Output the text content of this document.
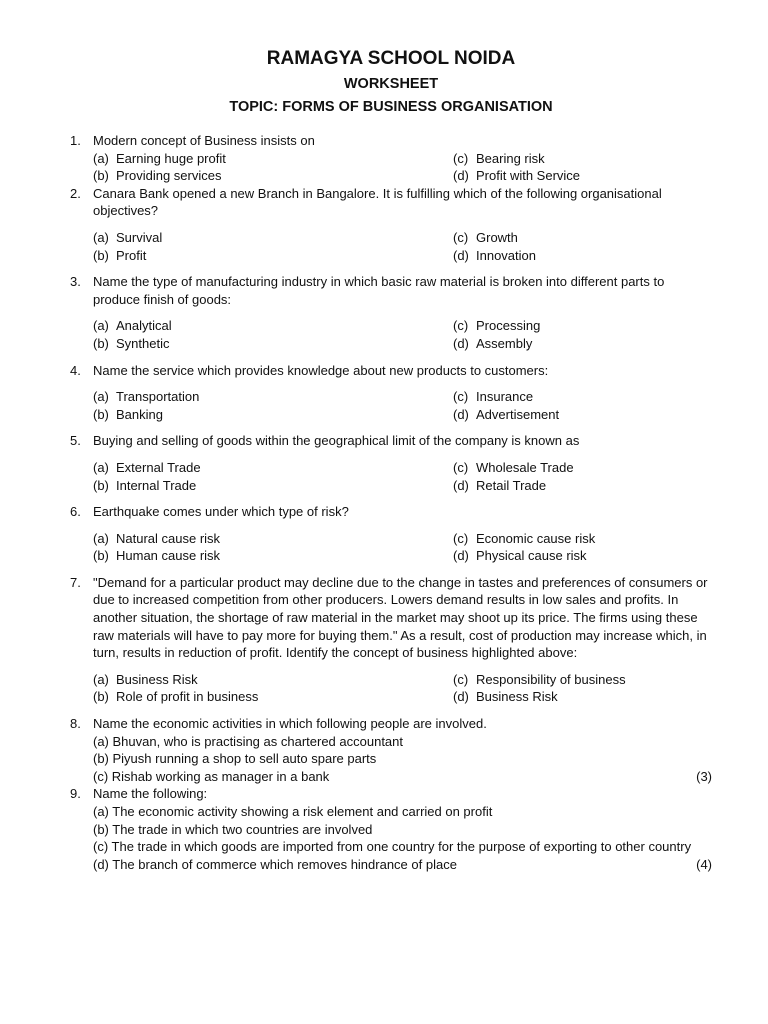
RAMAGYA SCHOOL NOIDA
WORKSHEET
TOPIC: FORMS OF BUSINESS ORGANISATION
1. Modern concept of Business insists on
(a) Earning huge profit	(c) Bearing risk
(b) Providing services	(d) Profit with Service
2. Canara Bank opened a new Branch in Bangalore. It is fulfilling which of the following organisational objectives?
(a) Survival	(c) Growth
(b) Profit	(d) Innovation
3. Name the type of manufacturing industry in which basic raw material is broken into different parts to produce finish of goods:
(a) Analytical	(c) Processing
(b) Synthetic	(d) Assembly
4. Name the service which provides knowledge about new products to customers:
(a) Transportation	(c) Insurance
(b) Banking	(d) Advertisement
5. Buying and selling of goods within the geographical limit of the company is known as
(a) External Trade	(c) Wholesale Trade
(b) Internal Trade	(d) Retail Trade
6. Earthquake comes under which type of risk?
(a) Natural cause risk	(c) Economic cause risk
(b) Human cause risk	(d) Physical cause risk
7. "Demand for a particular product may decline due to the change in tastes and preferences of consumers or due to increased competition from other producers. Lowers demand results in low sales and profits. In another situation, the shortage of raw material in the market may shoot up its price. The firms using these raw materials will have to pay more for buying them." As a result, cost of production may increase which, in turn, results in reduction of profit. Identify the concept of business highlighted above:
(a) Business Risk	(c) Responsibility of business
(b) Role of profit in business	(d) Business Risk
8. Name the economic activities in which following people are involved.
(a) Bhuvan, who is practising as chartered accountant
(b) Piyush running a shop to sell auto spare parts
(c) Rishab working as manager in a bank	(3)
9. Name the following:
(a) The economic activity showing a risk element and carried on profit
(b) The trade in which two countries are involved
(c) The trade in which goods are imported from one country for the purpose of exporting to other country
(d) The branch of commerce which removes hindrance of place	(4)
